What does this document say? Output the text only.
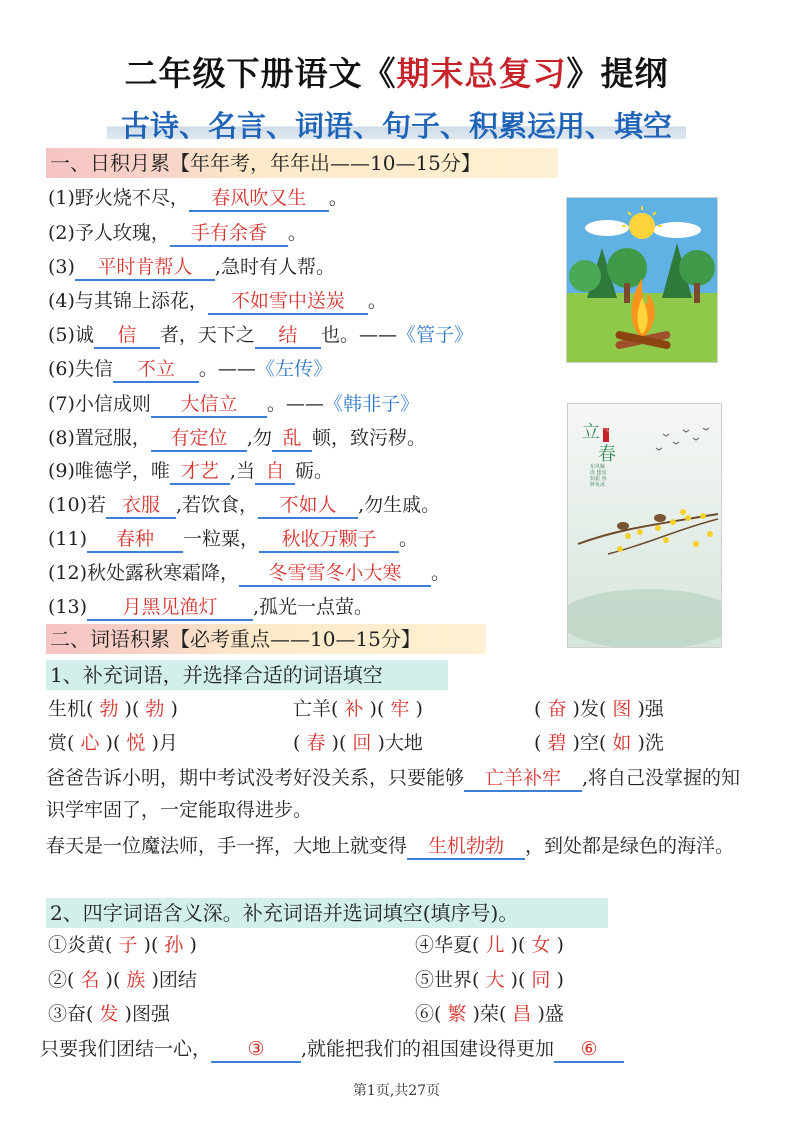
二年级下册语文《期末总复习》提纲
古诗、名言、词语、句子、积累运用、填空
一、日积月累【年年考，年年出——10—15分】
(1)野火烧不尽， 春风吹又生 。
(2)予人玫瑰， 手有余香 。
(3) 平时肯帮人 ,急时有人帮。
(4)与其锦上添花， 不如雪中送炭 。
(5)诚 信 者，天下之 结 也。——《管子》
(6)失信 不立 。——《左传》
(7)小信成则 大信立 。——《韩非子》
(8)置冠服， 有定位 ,勿 乱 顿，致污秽。
(9)唯德学，唯 才艺 ,当 自 砺。
(10)若 衣服 ,若饮食， 不如人 ,勿生戚。
(11) 春种 一粒粟， 秋收万颗子 。
(12)秋处露秋寒霜降， 冬雪雪冬小大寒 。
(13) 月黑见渔灯 ,孤光一点萤。
立
春
二十四节气
东风解冻 蛰虫始振 鱼陟负冰
二、词语积累【必考重点——10—15分】
1、补充词语，并选择合适的词语填空
生机( 勃 )( 勃 )	亡羊( 补 )( 牢 )	( 奋 )发( 图 )强
赏( 心 )( 悦 )月	( 春 )( 回 )大地	( 碧 )空( 如 )洗
爸爸告诉小明，期中考试没考好没关系，只要能够 亡羊补牢 ,将自己没掌握的知识学牢固了，一定能取得进步。
春天是一位魔法师，手一挥，大地上就变得 生机勃勃 ，到处都是绿色的海洋。
2、四字词语含义深。补充词语并选词填空(填序号)。
①炎黄( 子 )( 孙 )	④华夏( 儿 )( 女 )
②( 名 )( 族 )团结	⑤世界( 大 )( 同 )
③奋( 发 )图强	⑥( 繁 )荣( 昌 )盛
只要我们团结一心， ③ ,就能把我们的祖国建设得更加 ⑥
第1页,共27页
